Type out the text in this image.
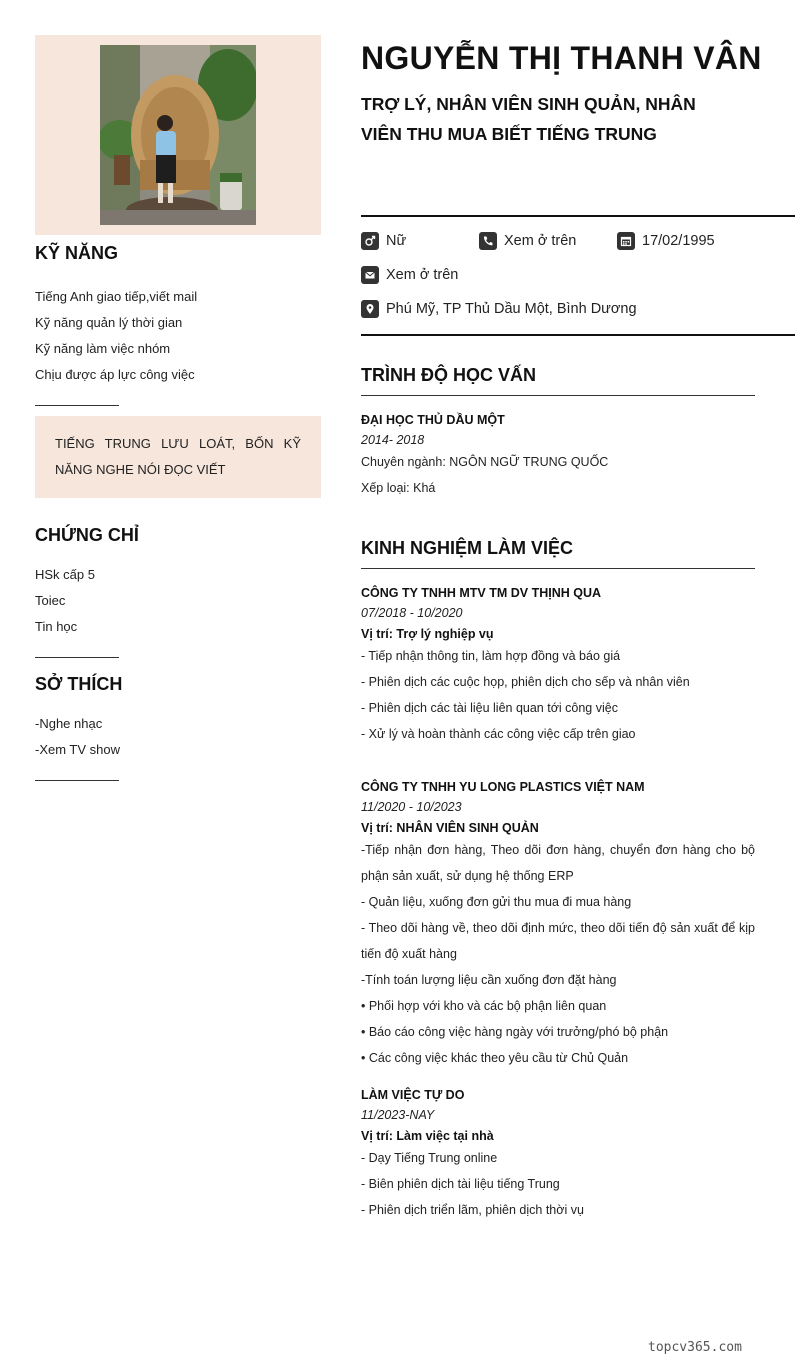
KỸ NĂNG
Tiếng Anh giao tiếp,viết mail
Kỹ năng quản lý thời gian
Kỹ năng làm việc nhóm
Chịu được áp lực công việc
TIẾNG TRUNG LƯU LOÁT, BỐN KỸ NĂNG NGHE NÓI ĐỌC VIẾT
CHỨNG CHỈ
HSk cấp 5
Toiec
Tin học
SỞ THÍCH
-Nghe nhạc
-Xem TV show
NGUYỄN THỊ THANH VÂN
TRỢ LÝ, NHÂN VIÊN SINH QUẢN, NHÂN VIÊN THU MUA BIẾT TIẾNG TRUNG
Nữ	Xem ở trên	17/02/1995
Xem ở trên
Phú Mỹ, TP Thủ Dầu Một, Bình Dương
TRÌNH ĐỘ HỌC VẤN
ĐẠI HỌC THỦ DẦU MỘT
2014- 2018
Chuyên ngành: NGÔN NGỮ TRUNG QUỐC
Xếp loại: Khá
KINH NGHIỆM LÀM VIỆC
CÔNG TY TNHH MTV TM DV THỊNH QUA
07/2018 - 10/2020
Vị trí: Trợ lý nghiệp vụ
- Tiếp nhận thông tin, làm hợp đồng và báo giá
- Phiên dịch các cuộc họp, phiên dịch cho sếp và nhân viên
- Phiên dịch các tài liệu liên quan tới công việc
- Xử lý và hoàn thành các công việc cấp trên giao
CÔNG TY TNHH YU LONG PLASTICS VIỆT NAM
11/2020 - 10/2023
Vị trí: NHÂN VIÊN SINH QUẢN
-Tiếp nhận đơn hàng, Theo dõi đơn hàng, chuyển đơn hàng cho bộ phận sản xuất, sử dụng hệ thống ERP
- Quản liệu, xuống đơn gửi thu mua đi mua hàng
- Theo dõi hàng về, theo dõi định mức, theo dõi tiến độ sản xuất để kịp tiến độ xuất hàng
-Tính toán lượng liệu cần xuống đơn đặt hàng
• Phối hợp với kho và các bộ phận liên quan
• Báo cáo công việc hàng ngày với trưởng/phó bộ phận
• Các công việc khác theo yêu cầu từ Chủ Quản
LÀM VIỆC TỰ DO
11/2023-NAY
Vị trí: Làm việc tại nhà
- Dạy Tiếng Trung online
- Biên phiên dịch tài liệu tiếng Trung
- Phiên dịch triển lãm, phiên dịch thời vụ
topcv365.com
